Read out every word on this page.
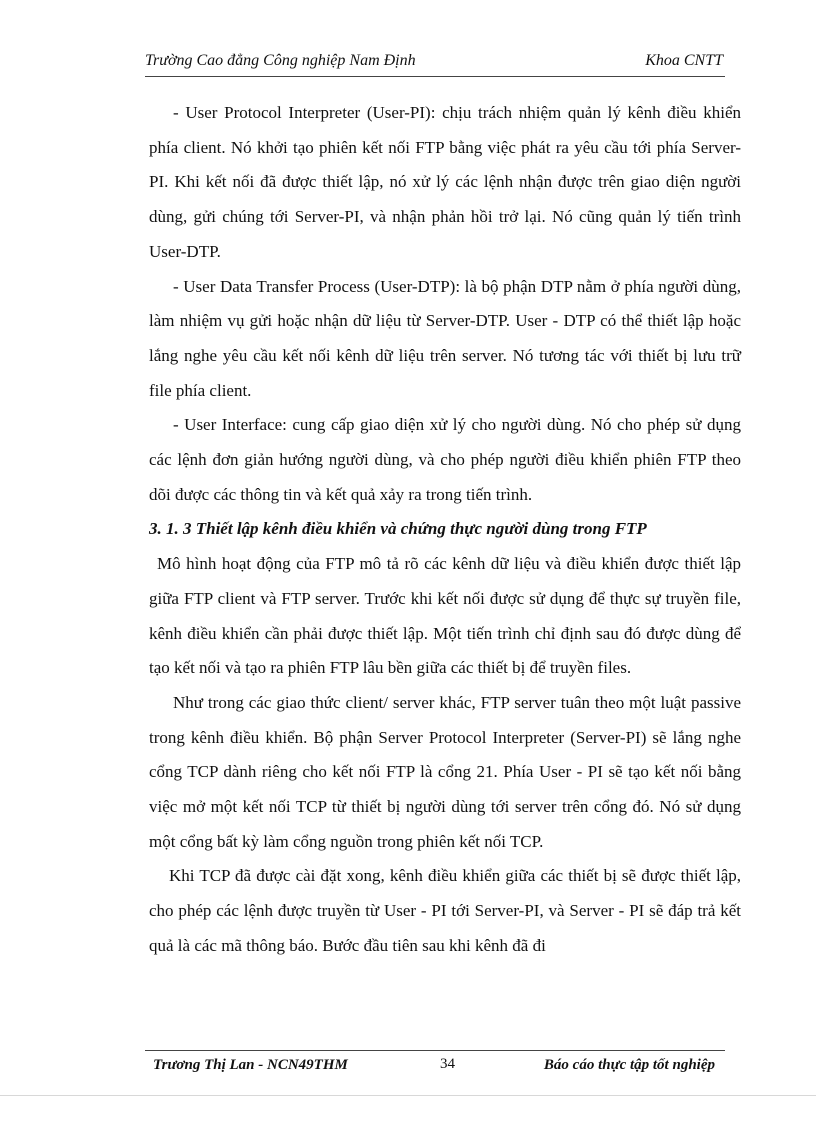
Trường Cao đẳng Công nghiệp Nam Định	Khoa CNTT

- User Protocol Interpreter (User-PI): chịu trách nhiệm quản lý kênh điều khiển phía client. Nó khởi tạo phiên kết nối FTP bằng việc phát ra yêu cầu tới phía Server-PI. Khi kết nối đã được thiết lập, nó xử lý các lệnh nhận được trên giao diện người dùng, gửi chúng tới Server-PI, và nhận phản hồi trở lại. Nó cũng quản lý tiến trình User-DTP.

- User Data Transfer Process (User-DTP): là bộ phận DTP nằm ở phía người dùng, làm nhiệm vụ gửi hoặc nhận dữ liệu từ Server-DTP. User - DTP có thể thiết lập hoặc lắng nghe yêu cầu kết nối kênh dữ liệu trên server. Nó tương tác với thiết bị lưu trữ file phía client.

- User Interface: cung cấp giao diện xử lý cho người dùng. Nó cho phép sử dụng các lệnh đơn giản hướng người dùng, và cho phép người điều khiển phiên FTP theo dõi được các thông tin và kết quả xảy ra trong tiến trình.

3. 1. 3 Thiết lập kênh điều khiển và chứng thực người dùng trong FTP

Mô hình hoạt động của FTP mô tả rõ các kênh dữ liệu và điều khiển được thiết lập giữa FTP client và FTP server. Trước khi kết nối được sử dụng để thực sự truyền file, kênh điều khiển cần phải được thiết lập. Một tiến trình chỉ định sau đó được dùng để tạo kết nối và tạo ra phiên FTP lâu bền giữa các thiết bị để truyền files.

Như trong các giao thức client/ server khác, FTP server tuân theo một luật passive trong kênh điều khiển. Bộ phận Server Protocol Interpreter (Server-PI) sẽ lắng nghe cổng TCP dành riêng cho kết nối FTP là cổng 21. Phía User - PI sẽ tạo kết nối bằng việc mở một kết nối TCP từ thiết bị người dùng tới server trên cổng đó. Nó sử dụng một cổng bất kỳ làm cổng nguồn trong phiên kết nối TCP.

Khi TCP đã được cài đặt xong, kênh điều khiển giữa các thiết bị sẽ được thiết lập, cho phép các lệnh được truyền từ User - PI tới Server-PI, và Server - PI sẽ đáp trả kết quả là các mã thông báo. Bước đầu tiên sau khi kênh đã đi

Trương Thị Lan - NCN49THM	34	Báo cáo thực tập tốt nghiệp
